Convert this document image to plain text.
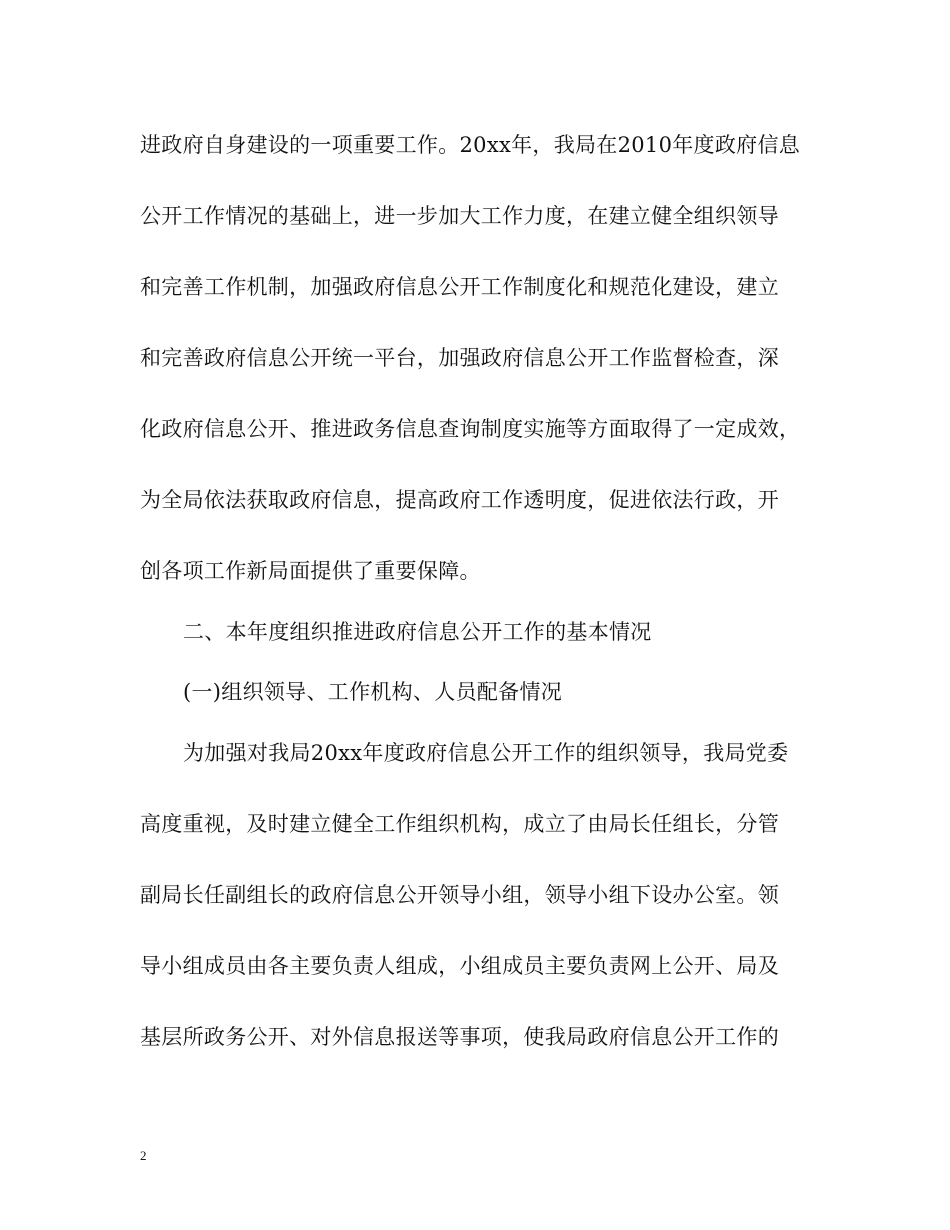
进政府自身建设的一项重要工作。20xx年，我局在2010年度政府信息
公开工作情况的基础上，进一步加大工作力度，在建立健全组织领导
和完善工作机制，加强政府信息公开工作制度化和规范化建设，建立
和完善政府信息公开统一平台，加强政府信息公开工作监督检查，深
化政府信息公开、推进政务信息查询制度实施等方面取得了一定成效，
为全局依法获取政府信息，提高政府工作透明度，促进依法行政，开
创各项工作新局面提供了重要保障。
二、本年度组织推进政府信息公开工作的基本情况
(一)组织领导、工作机构、人员配备情况
为加强对我局20xx年度政府信息公开工作的组织领导，我局党委
高度重视，及时建立健全工作组织机构，成立了由局长任组长，分管
副局长任副组长的政府信息公开领导小组，领导小组下设办公室。领
导小组成员由各主要负责人组成，小组成员主要负责网上公开、局及
基层所政务公开、对外信息报送等事项，使我局政府信息公开工作的
2
